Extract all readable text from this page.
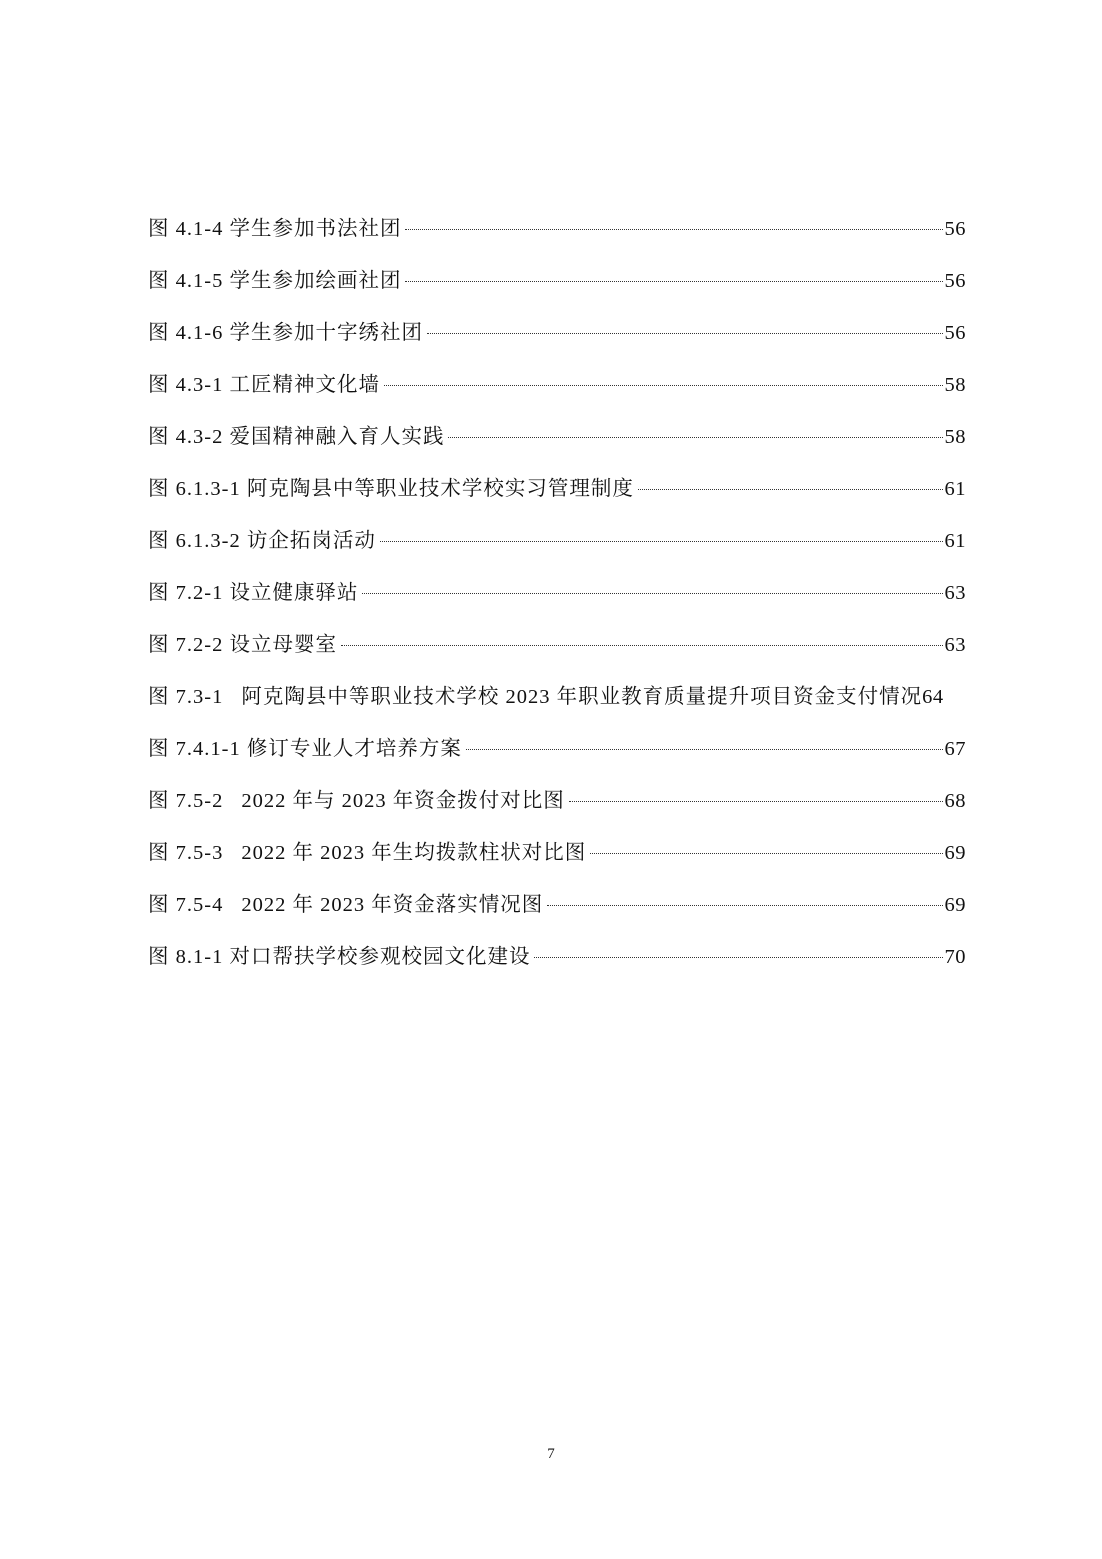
图 4.1-4 学生参加书法社团	56
图 4.1-5 学生参加绘画社团	56
图 4.1-6 学生参加十字绣社团	56
图 4.3-1 工匠精神文化墙	58
图 4.3-2 爱国精神融入育人实践	58
图 6.1.3-1 阿克陶县中等职业技术学校实习管理制度	61
图 6.1.3-2 访企拓岗活动	61
图 7.2-1 设立健康驿站	63
图 7.2-2 设立母婴室	63
图 7.3-1 阿克陶县中等职业技术学校 2023 年职业教育质量提升项目资金支付情况 64
图 7.4.1-1 修订专业人才培养方案	67
图 7.5-2 2022 年与 2023 年资金拨付对比图	68
图 7.5-3 2022 年 2023 年生均拨款柱状对比图	69
图 7.5-4 2022 年 2023 年资金落实情况图	69
图 8.1-1 对口帮扶学校参观校园文化建设	70
7
